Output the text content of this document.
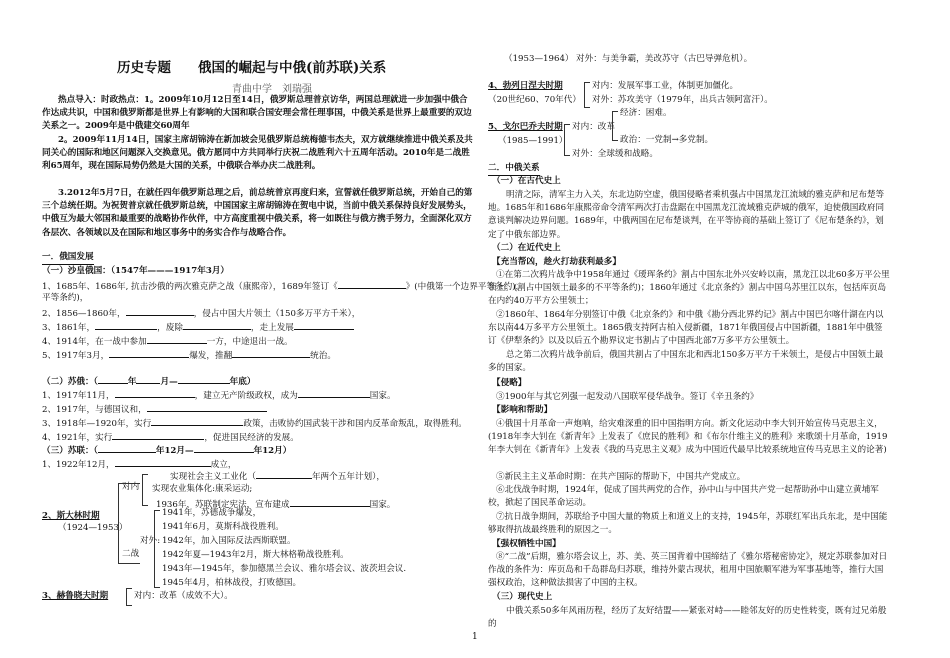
历史专题　　俄国的崛起与中俄(前苏联)关系
青曲中学　刘瑞强
热点导入：时政热点：1。2009年10月12日至14日，俄罗斯总理普京访华，两国总理就进一步加强中俄合作达成共识，中国和俄罗斯都是世界上有影响的大国和联合国安理会常任理事国，中俄关系是世界上最重要的双边关系之一。2009年是中俄建交60周年
2。2009年11月14日，国家主席胡锦涛在新加坡会见俄罗斯总统梅德韦杰夫，双方就继续推进中俄关系及共同关心的国际和地区问题深入交换意见。俄方愿同中方共同举行庆祝二战胜利六十五周年活动。2010年是二战胜利65周年，现在国际局势仍然是大国的关系，中俄联合举办庆二战胜利。
3.2012年5月7日，在就任四年俄罗斯总理之后，前总统普京再度归来，宣誓就任俄罗斯总统，开始自己的第三个总统任期。为祝贺普京就任俄罗斯总统，中国国家主席胡锦涛在贺电中说，当前中俄关系保持良好发展势头，中俄互为最大邻国和最重要的战略协作伙伴，中方高度重视中俄关系，将一如既往与俄方携手努力，全面深化双方各层次、各领域以及在国际和地区事务中的务实合作与战略合作。
一．俄国发展
（一）沙皇俄国：（1547年———1917年3月）
1、1685年、1686年, 抗击沙俄的两次雅克萨之战（康熙帝），1689年签订《	》(中俄第一个边界平等条约)，
平等条约)，
2、1856—1860年，	，侵占中国大片领土（150多万平方千米），
3、1861年，	，废除	，走上发展
4、1914年，在一战中参加	一方，中途退出一战。
5、1917年3月，	爆发，推翻	统治。
（二）苏俄：（	年	月—	年底）
1、1917年11月，	，建立无产阶级政权，成为	国家。
2、1917年，与德国议和，
3、1918年—1920年，实行	政策，击败协约国武装干涉和国内反革命叛乱，取得胜利。
4、1921年，实行	，促进国民经济的发展。
（三）苏联：（	年12月—	年12月）
1、1922年12月，	成立，
实现社会主义工业化（	年两个五年计划），
对内 实现农业集体化:康采运动;
1936年，苏联制定宪法，宣布建成	国家。
2、斯大林时期
（1924—1953）
对外:
二战
1941年，苏德战争爆发，
1941年6月，莫斯科战役胜利。
1942年，加入国际反法西斯联盟。
1942年夏—1943年2月，斯大林格勒战役胜利。
1943年—1945年，参加德黑兰会议、雅尔塔会议、波茨坦会议.
1945年4月，柏林战役，打败德国。
3、赫鲁晓夫时期	对内：改革（成效不大）。
（1953—1964） 对外：与美争霸，美改苏守（古巴导弹危机）。
4、勃列日涅夫时期
（20世纪60、70年代）
对内：发展军事工业，体制更加僵化。
对外：苏攻美守（1979年，出兵古领阿富汗）。
5、戈尔巴乔夫时期
（1985—1991）
对内：改革
经济：困难。
政治：一党制→多党制。
对外：全球缓和战略。
二．中俄关系
（一）在古代史上
明清之际，清军主力入关，东北边防空虚，俄国侵略者乘机强占中国黑龙江流域的雅克萨和尼布楚等地。1685年和1686年康熙帝命令清军两次打击盘踞在中国黑龙江流域雅克萨城的俄军，迫使俄国政府同意谈判解决边界问题。1689年，中俄两国在尼布楚谈判，在平等协商的基础上签订了《尼布楚条约》，划定了中俄东部边界。
（二）在近代史上
【充当帮凶，趁火打劫获利最多】
①在第二次鸦片战争中1958年通过《瑷珲条约》割占中国东北外兴安岭以南，黑龙江以北60多万平公里领土。(割占中国领土最多的不平等条约)；1860年通过《北京条约》割占中国乌苏里江以东，包括库页岛在内约40万平方公里领土；
②1860年、1864年分别签订中俄《北京条约》和中俄《勘分西北界约记》割占中国巴尔喀什湖在内以东以南44万多平方公里领土。1865俄支持阿古柏入侵新疆，1871年俄国侵占中国新疆，1881年中俄签订《伊犁条约》以及以后五个勘界议定书割占了中国西北部7万多平方公里领土。
总之第二次鸦片战争前后，俄国共割占了中国东北和西北150多万平方千米领土，是侵占中国领土最多的国家。
【侵略】
③1900年与其它列强一起发动八国联军侵华战争。签订《辛丑条约》
【影响和帮助】
④俄国十月革命一声炮响，给灾难深重的旧中国指明方向。新文化运动中李大钊开始宣传马克思主义，(1918年李大钊在《新青年》上发表了《庶民的胜利》和《布尔什维主义的胜利》来歌颂十月革命，1919年李大钊在《新青年》上发表《我的马克思主义观》成为中国近代最早比较系统地宣传马克思主义的论著)
⑤新民主主义革命时期：在共产国际的帮助下，中国共产党成立。
⑥北伐战争时期，1924年，促成了国共两党的合作，孙中山与中国共产党一起帮助孙中山建立黄埔军校，掀起了国民革命运动。
⑦抗日战争期间，苏联给予中国大量的物质上和道义上的支持，1945年，苏联红军出兵东北，是中国能够取得抗战最终胜利的原因之一。
【强权牺牲中国】
⑧“二战”后期，雅尔塔会议上，苏、美、英三国背着中国缔结了《雅尔塔秘密协定》，规定苏联参加对日作战的条件为：库页岛和千岛群岛归苏联，维持外蒙古现状，租用中国旅顺军港为军事基地等，推行大国强权政治，这种做法损害了中国的主权。
（三）现代史上
中俄关系50多年风雨历程，经历了友好结盟——紧张对峙——睦邻友好的历史性转变，既有过兄弟般的
1
